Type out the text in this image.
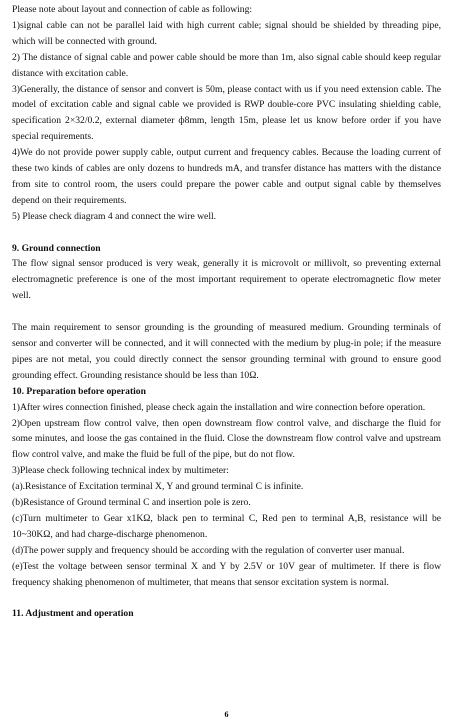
Please note about layout and connection of cable as following:

1)signal cable can not be parallel laid with high current cable; signal should be shielded by threading pipe, which will be connected with ground.

2) The distance of signal cable and power cable should be more than 1m, also signal cable should keep regular distance with excitation cable.

3)Generally, the distance of sensor and convert is 50m, please contact with us if you need extension cable. The model of excitation cable and signal cable we provided is RWP double-core PVC insulating shielding cable, specification 2×32/0.2, external diameter ф8mm, length 15m, please let us know before order if you have special requirements.

4)We do not provide power supply cable, output current and frequency cables. Because the loading current of these two kinds of cables are only dozens to hundreds mA, and transfer distance has matters with the distance from site to control room, the users could prepare the power cable and output signal cable by themselves depend on their requirements.

5) Please check diagram 4 and connect the wire well.

9. Ground connection

The flow signal sensor produced is very weak, generally it is microvolt or millivolt, so preventing external electromagnetic preference is one of the most important requirement to operate electromagnetic flow meter well.

The main requirement to sensor grounding is the grounding of measured medium. Grounding terminals of sensor and converter will be connected, and it will connected with the medium by plug-in pole; if the measure pipes are not metal, you could directly connect the sensor grounding terminal with ground to ensure good grounding effect. Grounding resistance should be less than 10Ω.

10. Preparation before operation

1)After wires connection finished, please check again the installation and wire connection before operation.

2)Open upstream flow control valve, then open downstream flow control valve, and discharge the fluid for some minutes, and loose the gas contained in the fluid. Close the downstream flow control valve and upstream flow control valve, and make the fluid be full of the pipe, but do not flow.

3)Please check following technical index by multimeter:

(a).Resistance of Excitation terminal X, Y and ground terminal C is infinite.

(b)Resistance of Ground terminal C and insertion pole is zero.

(c)Turn multimeter to Gear x1KΩ, black pen to terminal C, Red pen to terminal A,B, resistance will be 10~30KΩ, and had charge-discharge phenomenon.

(d)The power supply and frequency should be according with the regulation of converter user manual.

(e)Test the voltage between sensor terminal X and Y by 2.5V or 10V gear of multimeter. If there is flow frequency shaking phenomenon of multimeter, that means that sensor excitation system is normal.

11. Adjustment and operation

6
